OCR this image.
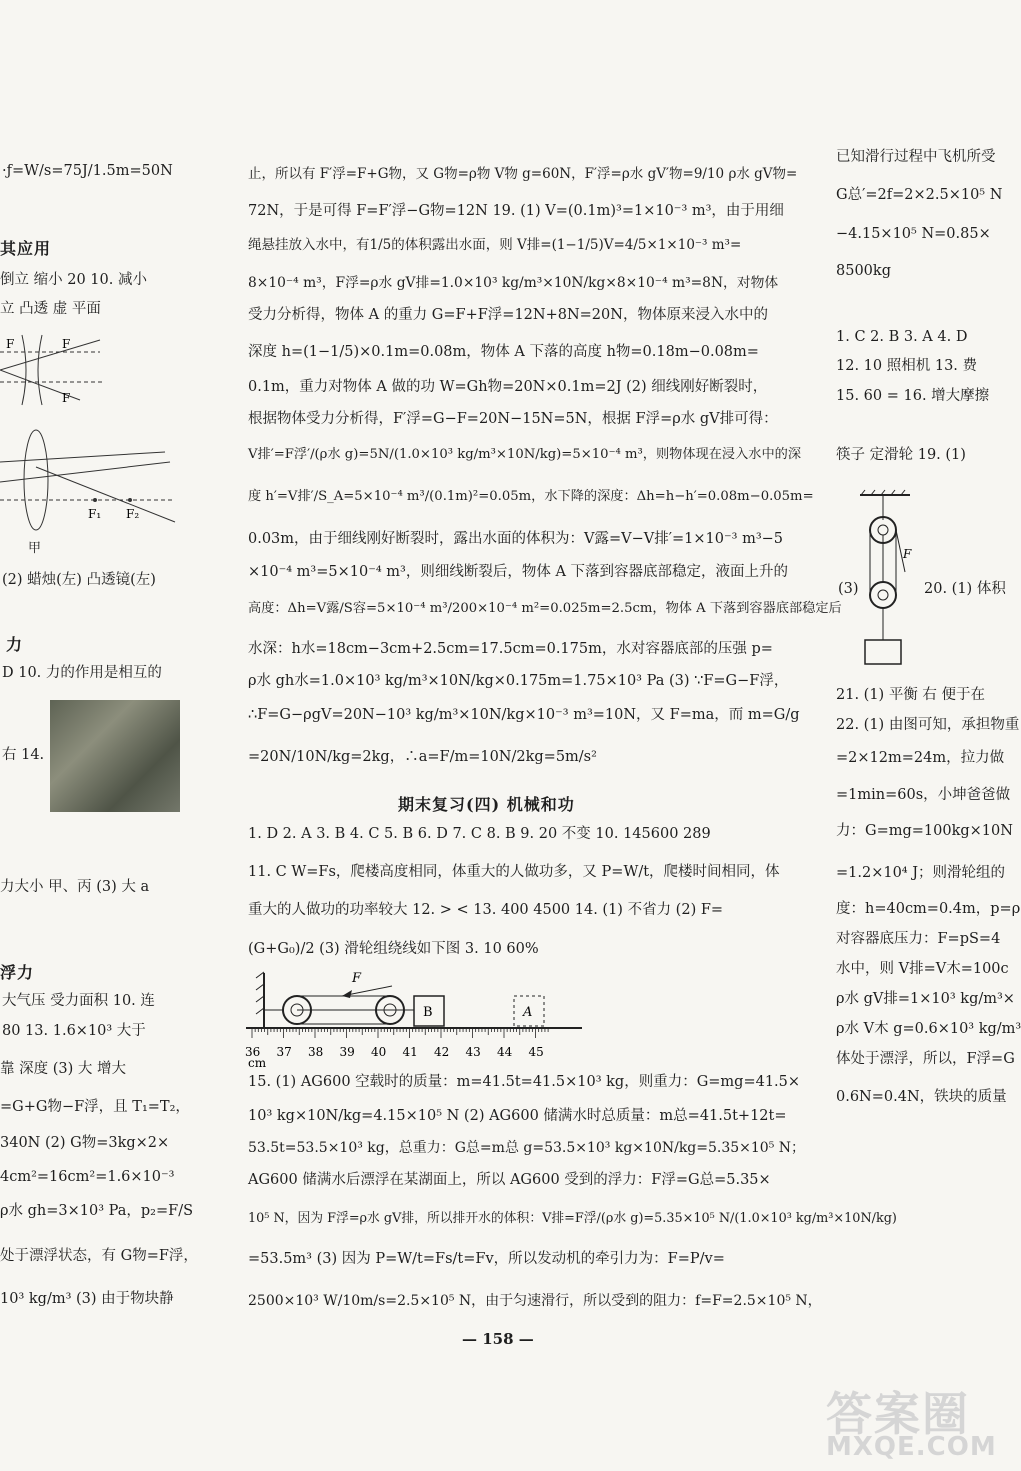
·ƒ=W/s=75J/1.5m=50N
其应用
倒立 缩小 20 10. 减小
立 凸透 虚 平面
F	F
F
F₁ F₂
甲
(2) 蜡烛(左) 凸透镜(左)
力
D 10. 力的作用是相互的
右 14.
力大小 甲、丙 (3) 大 a
浮力
大气压 受力面积 10. 连
80 13. 1.6×10³ 大于
靠 深度 (3) 大 增大
=G+G物−F浮，且 T₁=T₂，
340N (2) G物=3kg×2×
4cm²=16cm²=1.6×10⁻³
ρ水 gh=3×10³ Pa，p₂=F/S
处于漂浮状态，有 G物=F浮，
10³ kg/m³ (3) 由于物块静
止，所以有 F′浮=F+G物，又 G物=ρ物 V物 g=60N，F′浮=ρ水 gV′物=9/10 ρ水 gV物=
72N，于是可得 F=F′浮−G物=12N 19. (1) V=(0.1m)³=1×10⁻³ m³，由于用细
绳悬挂放入水中，有1/5的体积露出水面，则 V排=(1−1/5)V=4/5×1×10⁻³ m³=
8×10⁻⁴ m³，F浮=ρ水 gV排=1.0×10³ kg/m³×10N/kg×8×10⁻⁴ m³=8N，对物体
受力分析得，物体 A 的重力 G=F+F浮=12N+8N=20N，物体原来浸入水中的
深度 h=(1−1/5)×0.1m=0.08m，物体 A 下落的高度 h物=0.18m−0.08m=
0.1m，重力对物体 A 做的功 W=Gh物=20N×0.1m=2J (2) 细线刚好断裂时，
根据物体受力分析得，F′浮=G−F=20N−15N=5N，根据 F浮=ρ水 gV排可得：
V排′=F浮′/(ρ水 g)=5N/(1.0×10³ kg/m³×10N/kg)=5×10⁻⁴ m³，则物体现在浸入水中的深
度 h′=V排′/S_A=5×10⁻⁴ m³/(0.1m)²=0.05m，水下降的深度：Δh=h−h′=0.08m−0.05m=
0.03m，由于细线刚好断裂时，露出水面的体积为：V露=V−V排′=1×10⁻³ m³−5
×10⁻⁴ m³=5×10⁻⁴ m³，则细线断裂后，物体 A 下落到容器底部稳定，液面上升的
高度：Δh=V露/S容=5×10⁻⁴ m³/200×10⁻⁴ m²=0.025m=2.5cm，物体 A 下落到容器底部稳定后
水深：h水=18cm−3cm+2.5cm=17.5cm=0.175m，水对容器底部的压强 p=
ρ水 gh水=1.0×10³ kg/m³×10N/kg×0.175m=1.75×10³ Pa (3) ∵F=G−F浮，
∴F=G−ρgV=20N−10³ kg/m³×10N/kg×10⁻³ m³=10N，又 F=ma，而 m=G/g
=20N/10N/kg=2kg，∴a=F/m=10N/2kg=5m/s²
期末复习(四) 机械和功
1. D 2. A 3. B 4. C 5. B 6. D 7. C 8. B 9. 20 不变 10. 145600 289
11. C W=Fs，爬楼高度相同，体重大的人做功多，又 P=W/t，爬楼时间相同，体
重大的人做功的功率较大 12. > < 13. 400 4500 14. (1) 不省力 (2) F=
(G+G₀)/2 (3) 滑轮组绕线如下图 3. 10 60%
F
B	A
36 37 38 39 40 41 42 43 44 45
cm
15. (1) AG600 空载时的质量：m=41.5t=41.5×10³ kg，则重力：G=mg=41.5×
10³ kg×10N/kg=4.15×10⁵ N (2) AG600 储满水时总质量：m总=41.5t+12t=
53.5t=53.5×10³ kg，总重力：G总=m总 g=53.5×10³ kg×10N/kg=5.35×10⁵ N；
AG600 储满水后漂浮在某湖面上，所以 AG600 受到的浮力：F浮=G总=5.35×
10⁵ N，因为 F浮=ρ水 gV排，所以排开水的体积：V排=F浮/(ρ水 g)=5.35×10⁵ N/(1.0×10³ kg/m³×10N/kg)
=53.5m³ (3) 因为 P=W/t=Fs/t=Fv，所以发动机的牵引力为：F=P/v=
2500×10³ W/10m/s=2.5×10⁵ N，由于匀速滑行，所以受到的阻力：f=F=2.5×10⁵ N，
— 158 —
已知滑行过程中飞机所受
G总′=2f=2×2.5×10⁵ N
−4.15×10⁵ N=0.85×
8500kg
1. C 2. B 3. A 4. D
12. 10 照相机 13. 费
15. 60 = 16. 增大摩擦
筷子 定滑轮 19. (1)
F
(3)	20. (1) 体积
21. (1) 平衡 右 便于在
22. (1) 由图可知，承担物重
=2×12m=24m，拉力做
=1min=60s，小坤爸爸做
力：G=mg=100kg×10N
=1.2×10⁴ J；则滑轮组的
度：h=40cm=0.4m，p=ρ
对容器底压力：F=pS=4
水中，则 V排=V木=100c
ρ水 gV排=1×10³ kg/m³×
ρ水 V木 g=0.6×10³ kg/m³
体处于漂浮，所以，F浮=G
0.6N=0.4N，铁块的质量
答案圈
MXQE.COM
